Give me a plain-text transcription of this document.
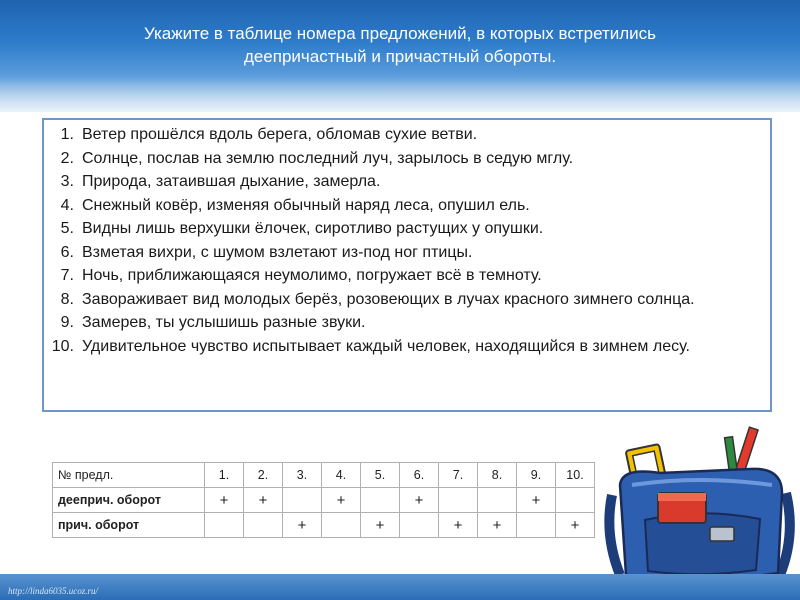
Укажите в таблице номера предложений, в которых встретились
деепричастный и причастный обороты.
1. Ветер прошёлся вдоль берега, обломав сухие ветви.
2. Солнце, послав на землю последний луч, зарылось в седую мглу.
3. Природа, затаившая дыхание, замерла.
4. Снежный ковёр, изменяя обычный наряд леса, опушил ель.
5. Видны лишь верхушки ёлочек, сиротливо растущих у опушки.
6. Взметая вихри, с шумом взлетают из-под ног птицы.
7. Ночь, приближающаяся неумолимо, погружает всё в темноту.
8. Завораживает вид молодых берёз, розовеющих в лучах красного зимнего солнца.
9. Замерев, ты услышишь разные звуки.
10. Удивительное чувство испытывает каждый человек, находящийся в зимнем лесу.
№ предл.	1.	2.	3.	4.	5.	6.	7.	8.	9.	10.
дееприч. оборот	+	+		+		+			+	
прич. оборот			+		+		+	+		+
http://linda6035.ucoz.ru/
